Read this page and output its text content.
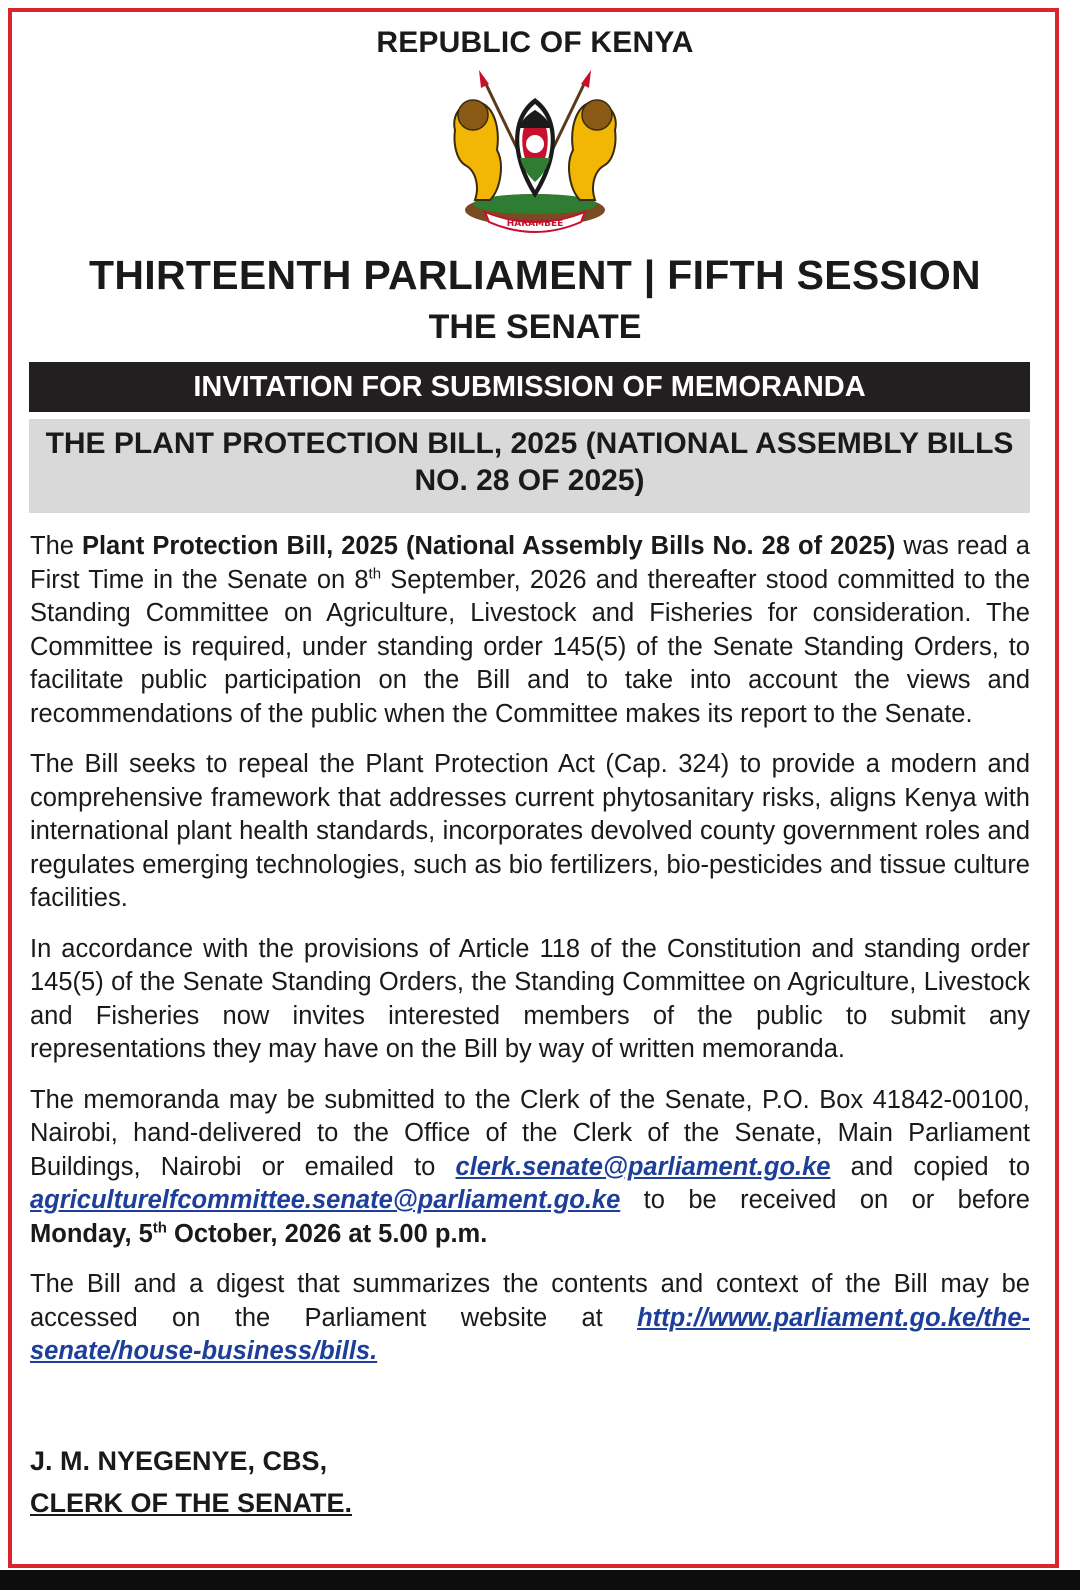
REPUBLIC OF KENYA
HARAMBEE
THIRTEENTH PARLIAMENT | FIFTH SESSION
THE SENATE
INVITATION FOR SUBMISSION OF MEMORANDA
THE PLANT PROTECTION BILL, 2025 (NATIONAL ASSEMBLY BILLS
NO. 28 OF 2025)

The Plant Protection Bill, 2025 (National Assembly Bills No. 28 of 2025) was read a First Time in the Senate on 8th September, 2026 and thereafter stood committed to the Standing Committee on Agriculture, Livestock and Fisheries for consideration. The Committee is required, under standing order 145(5) of the Senate Standing Orders, to facilitate public participation on the Bill and to take into account the views and recommendations of the public when the Committee makes its report to the Senate.

The Bill seeks to repeal the Plant Protection Act (Cap. 324) to provide a modern and comprehensive framework that addresses current phytosanitary risks, aligns Kenya with international plant health standards, incorporates devolved county government roles and regulates emerging technologies, such as bio fertilizers, bio-pesticides and tissue culture facilities.

In accordance with the provisions of Article 118 of the Constitution and standing order 145(5) of the Senate Standing Orders, the Standing Committee on Agriculture, Livestock and Fisheries now invites interested members of the public to submit any representations they may have on the Bill by way of written memoranda.

The memoranda may be submitted to the Clerk of the Senate, P.O. Box 41842-00100, Nairobi, hand-delivered to the Office of the Clerk of the Senate, Main Parliament Buildings, Nairobi or emailed to clerk.senate@parliament.go.ke and copied to agriculturelfcommittee.senate@parliament.go.ke to be received on or before Monday, 5th October, 2026 at 5.00 p.m.

The Bill and a digest that summarizes the contents and context of the Bill may be accessed on the Parliament website at http://www.parliament.go.ke/the-senate/house-business/bills.

J. M. NYEGENYE, CBS,
CLERK OF THE SENATE.
